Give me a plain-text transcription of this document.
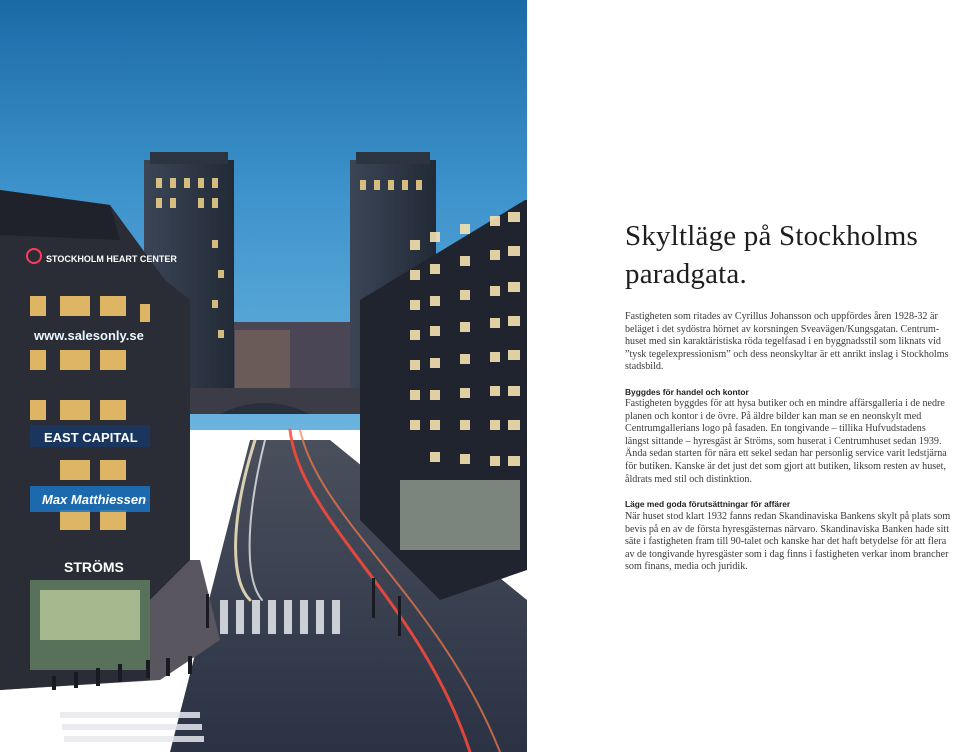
STOCKHOLM HEART CENTER
www.salesonly.se
EAST CAPITAL
Max Matthiessen
STRÖMS
Skyltläge på Stockholms
paradgata.

Fastigheten som ritades av Cyrillus Johansson och uppfördes åren 1928-32 är
beläget i det sydöstra hörnet av korsningen Sveavägen/Kungsgatan. Centrum-
huset med sin karaktäristiska röda tegelfasad i en byggnadsstil som liknats vid
”tysk tegelexpressionism” och dess neonskyltar är ett anrikt inslag i Stockholms
stadsbild.

Byggdes för handel och kontor

Fastigheten byggdes för att hysa butiker och en mindre affärsgalleria i de nedre
planen och kontor i de övre. På äldre bilder kan man se en neonskylt med
Centrumgallerians logo på fasaden. En tongivande – tillika Hufvudstadens
längst sittande – hyresgäst är Ströms, som huserat i Centrumhuset sedan 1939.
Ända sedan starten för nära ett sekel sedan har personlig service varit ledstjärna
för butiken. Kanske är det just det som gjort att butiken, liksom resten av huset,
åldrats med stil och distinktion.

Läge med goda förutsättningar för affärer

När huset stod klart 1932 fanns redan Skandinaviska Bankens skylt på plats som
bevis på en av de första hyresgästernas närvaro. Skandinaviska Banken hade sitt
säte i fastigheten fram till 90-talet och kanske har det haft betydelse för att flera
av de tongivande hyresgäster som i dag finns i fastigheten verkar inom brancher
som finans, media och juridik.
